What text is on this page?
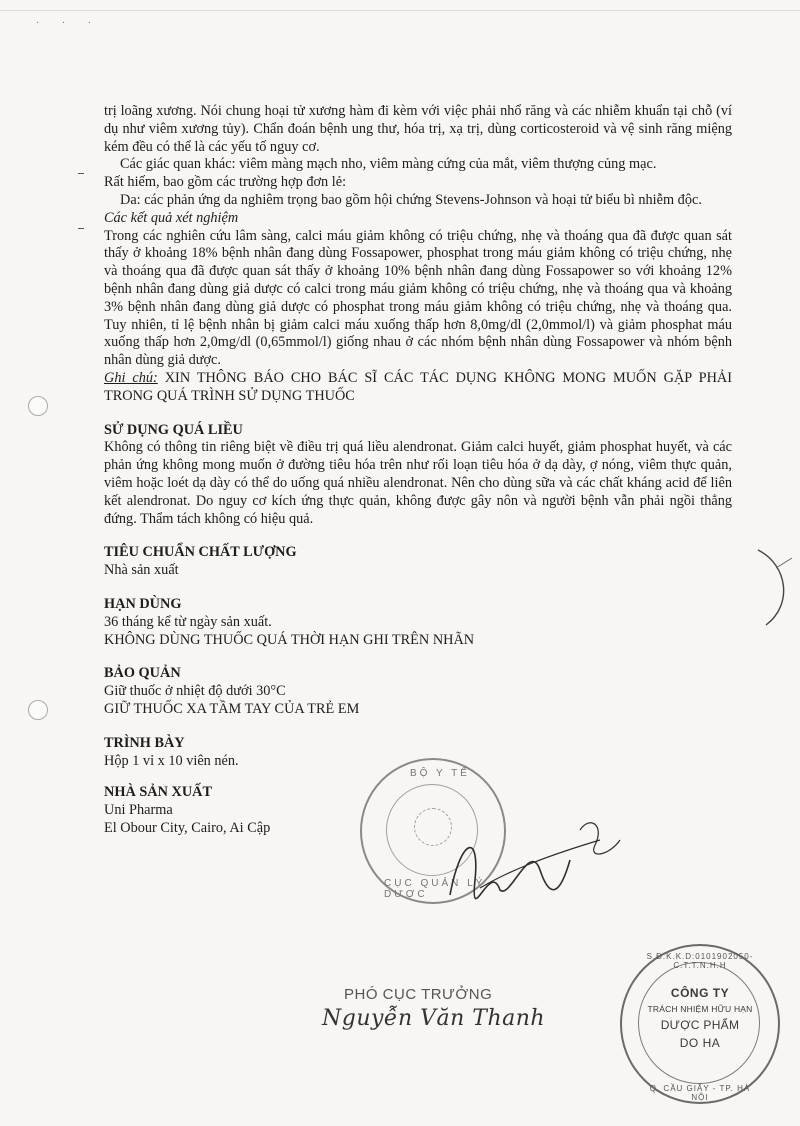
· · ·

trị loãng xương. Nói chung hoại tử xương hàm đi kèm với việc phải nhổ răng và các nhiễm khuẩn tại chỗ (ví dụ như viêm xương tủy). Chẩn đoán bệnh ung thư, hóa trị, xạ trị, dùng corticosteroid và vệ sinh răng miệng kém đều có thể là các yếu tố nguy cơ.

Các giác quan khác: viêm màng mạch nho, viêm màng cứng của mắt, viêm thượng củng mạc.

Rất hiếm, bao gồm các trường hợp đơn lẻ:

Da: các phản ứng da nghiêm trọng bao gồm hội chứng Stevens-Johnson và hoại tử biểu bì nhiễm độc.

Các kết quả xét nghiệm

Trong các nghiên cứu lâm sàng, calci máu giảm không có triệu chứng, nhẹ và thoáng qua đã được quan sát thấy ở khoảng 18% bệnh nhân đang dùng Fossapower, phosphat trong máu giảm không có triệu chứng, nhẹ và thoáng qua đã được quan sát thấy ở khoảng 10% bệnh nhân đang dùng Fossapower so với khoảng 12% bệnh nhân đang dùng giả dược có calci trong máu giảm không có triệu chứng, nhẹ và thoáng qua và khoảng 3% bệnh nhân đang dùng giả dược có phosphat trong máu giảm không có triệu chứng, nhẹ và thoáng qua. Tuy nhiên, tỉ lệ bệnh nhân bị giảm calci máu xuống thấp hơn 8,0mg/dl (2,0mmol/l) và giảm phosphat máu xuống thấp hơn 2,0mg/dl (0,65mmol/l) giống nhau ở các nhóm bệnh nhân dùng Fossapower và nhóm bệnh nhân dùng giả dược.

Ghi chú: XIN THÔNG BÁO CHO BÁC SĨ CÁC TÁC DỤNG KHÔNG MONG MUỐN GẶP PHẢI TRONG QUÁ TRÌNH SỬ DỤNG THUỐC

SỬ DỤNG QUÁ LIỀU

Không có thông tin riêng biệt về điều trị quá liều alendronat. Giảm calci huyết, giảm phosphat huyết, và các phản ứng không mong muốn ở đường tiêu hóa trên như rối loạn tiêu hóa ở dạ dày, ợ nóng, viêm thực quản, viêm hoặc loét dạ dày có thể do uống quá nhiều alendronat. Nên cho dùng sữa và các chất kháng acid để liên kết alendronat. Do nguy cơ kích ứng thực quản, không được gây nôn và người bệnh vẫn phải ngồi thẳng đứng. Thẩm tách không có hiệu quả.

TIÊU CHUẨN CHẤT LƯỢNG

Nhà sản xuất

HẠN DÙNG

36 tháng kể từ ngày sản xuất.

KHÔNG DÙNG THUỐC QUÁ THỜI HẠN GHI TRÊN NHÃN

BẢO QUẢN

Giữ thuốc ở nhiệt độ dưới 30°C

GIỮ THUỐC XA TẦM TAY CỦA TRẺ EM

TRÌNH BÀY

Hộp 1 vỉ x 10 viên nén.

NHÀ SẢN XUẤT

Uni Pharma

El Obour City, Cairo, Ai Cập

BỘ Y TẾ
CỤC QUẢN LÝ DƯỢC
PHÓ CỤC TRƯỞNG
Nguyễn Văn Thanh
S.Đ.K.K.D:0101902050-C.T.T.N.H.H
CÔNG TY
TRÁCH NHIỆM HỮU HẠN
DƯỢC PHẨM
DO HA
Q. CẦU GIẤY - TP. HÀ NỘI
